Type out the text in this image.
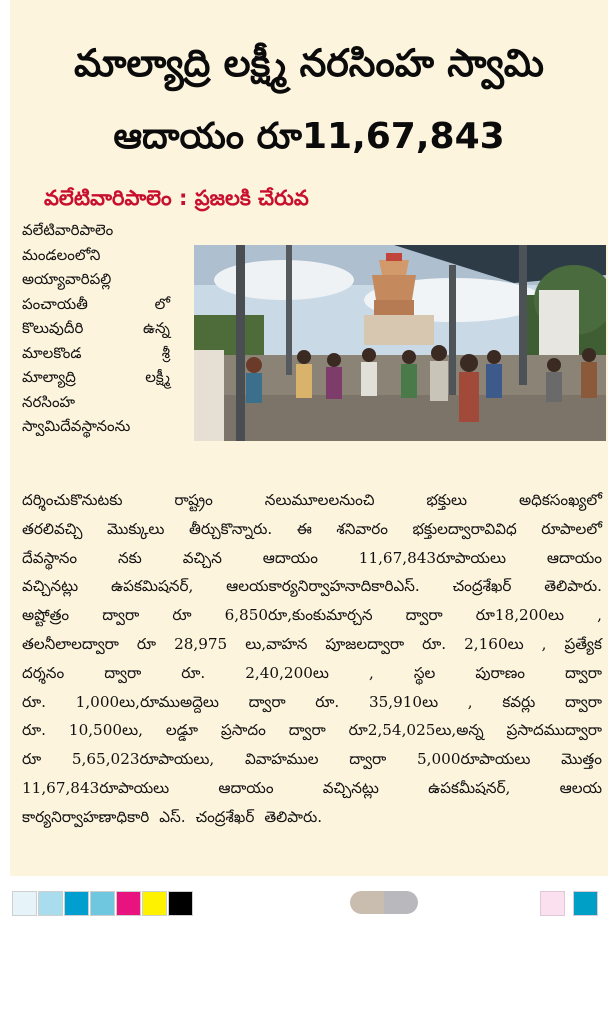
మాల్యాద్రి లక్ష్మీ నరసింహ స్వామి
ఆదాయం రూ11,67,843
వలేటివారిపాలెం : ప్రజలకి చేరువ
వలేటివారిపాలెం
మండలంలోని
అయ్యావారిపల్లి
పంచాయతీ	లో
కొలువుదీరి	ఉన్న
మాలకొండ	శ్రీ
మాల్యాద్రి	లక్ష్మీ
నరసింహ
స్వామిదేవస్థానంను
దర్శించుకొనుటకు	రాష్ట్రం	నలుమూలలనుంచి	భక్తులు	అధికసంఖ్యలో
తరలివచ్చి మొక్కులు తీర్చుకొన్నారు. ఈ శనివారం భక్తులద్వారావివిధ రూపాలలో
దేవస్థానం	నకు	వచ్చిన	ఆదాయం	11,67,843రూపాయలు	ఆదాయం
వచ్చినట్లు ఉపకమిషనర్, ఆలయకార్యనిర్వాహనాదికారిఎస్. చంద్రశేఖర్ తెలిపారు.
అష్టోత్రం ద్వారా రూ 6,850రూ,కుంకుమార్చన ద్వారా రూ18,200లు ,
తలనీలాలద్వారా రూ 28,975 లు,వాహన పూజలద్వారా రూ. 2,160లు , ప్రత్యేక
దర్శనం	ద్వారా	రూ.	2,40,200లు	,	స్థల	పురాణం	ద్వారా
రూ. 1,000లు,రూముఅద్దెలు ద్వారా రూ. 35,910లు , కవర్లు ద్వారా
రూ. 10,500లు, లడ్డూ ప్రసాదం ద్వారా రూ2,54,025లు,అన్న ప్రసాదముద్వారా
రూ 5,65,023రూపాయలు, వివాహముల ద్వారా 5,000రూపాయలు మొత్తం
11,67,843రూపాయలు	ఆదాయం	వచ్చినట్లు	ఉపకమీషనర్,	ఆలయ
కార్యనిర్వాహణాధికారి ఎస్. చంద్రశేఖర్ తెలిపారు.
